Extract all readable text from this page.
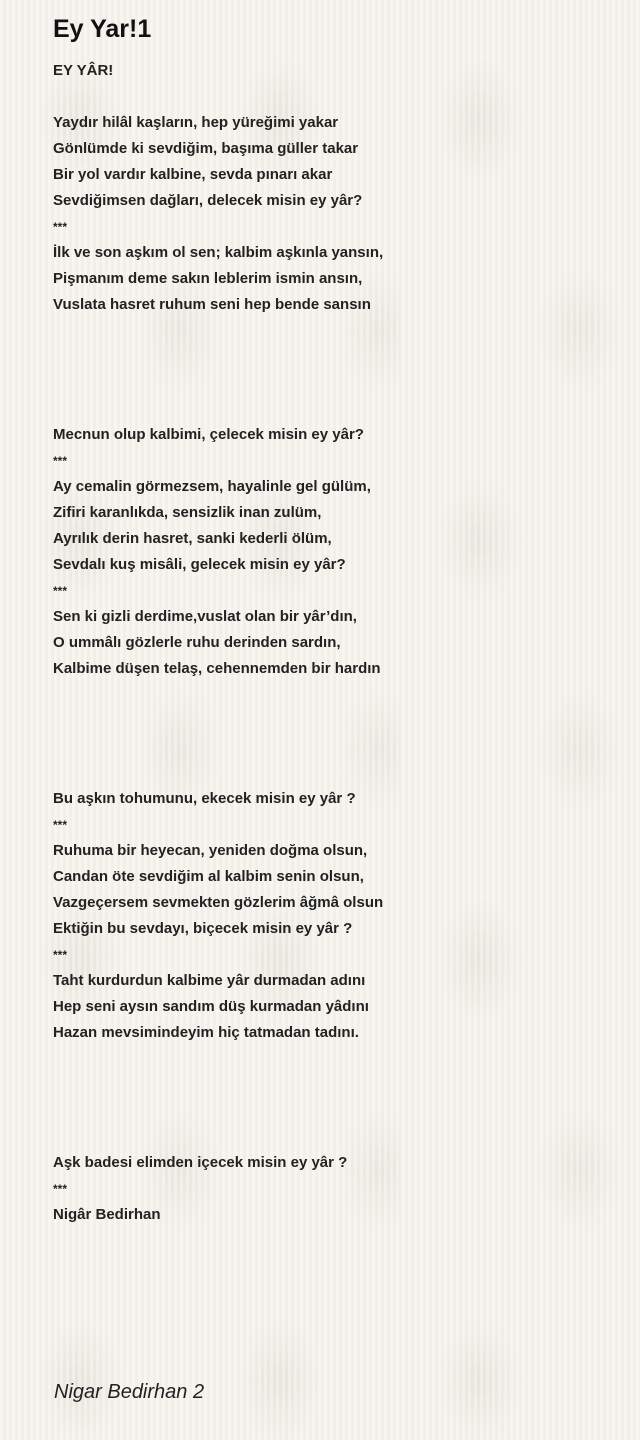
Ey Yar!1
EY YÂR!
Yaydır hilâl kaşların, hep yüreğimi yakar
Gönlümde ki sevdiğim, başıma güller takar
Bir yol vardır kalbine, sevda pınarı akar
Sevdiğimsen dağları, delecek misin ey yâr?
***
İlk ve son aşkım ol sen; kalbim aşkınla yansın,
Pişmanım deme sakın leblerim ismin ansın,
Vuslata hasret ruhum seni hep bende sansın
Mecnun olup kalbimi, çelecek misin ey yâr?
***
Ay cemalin görmezsem, hayalinle gel gülüm,
Zifiri karanlıkda, sensizlik inan zulüm,
Ayrılık derin hasret, sanki kederli ölüm,
Sevdalı kuş misâli, gelecek misin ey yâr?
***
Sen ki gizli derdime,vuslat olan bir yâr’dın,
O ummâlı gözlerle ruhu derinden sardın,
Kalbime düşen telaş, cehennemden bir hardın
Bu aşkın tohumunu, ekecek misin ey yâr ?
***
Ruhuma bir heyecan, yeniden doğma olsun,
Candan öte sevdiğim al kalbim senin olsun,
Vazgeçersem sevmekten gözlerim âğmâ olsun
Ektiğin bu sevdayı, biçecek misin ey yâr ?
***
Taht kurdurdun kalbime yâr durmadan adını
Hep seni aysın sandım düş kurmadan yâdını
Hazan mevsimindeyim hiç tatmadan tadını.
Aşk badesi elimden içecek misin ey yâr ?
***
Nigâr Bedirhan
Nigar Bedirhan 2
